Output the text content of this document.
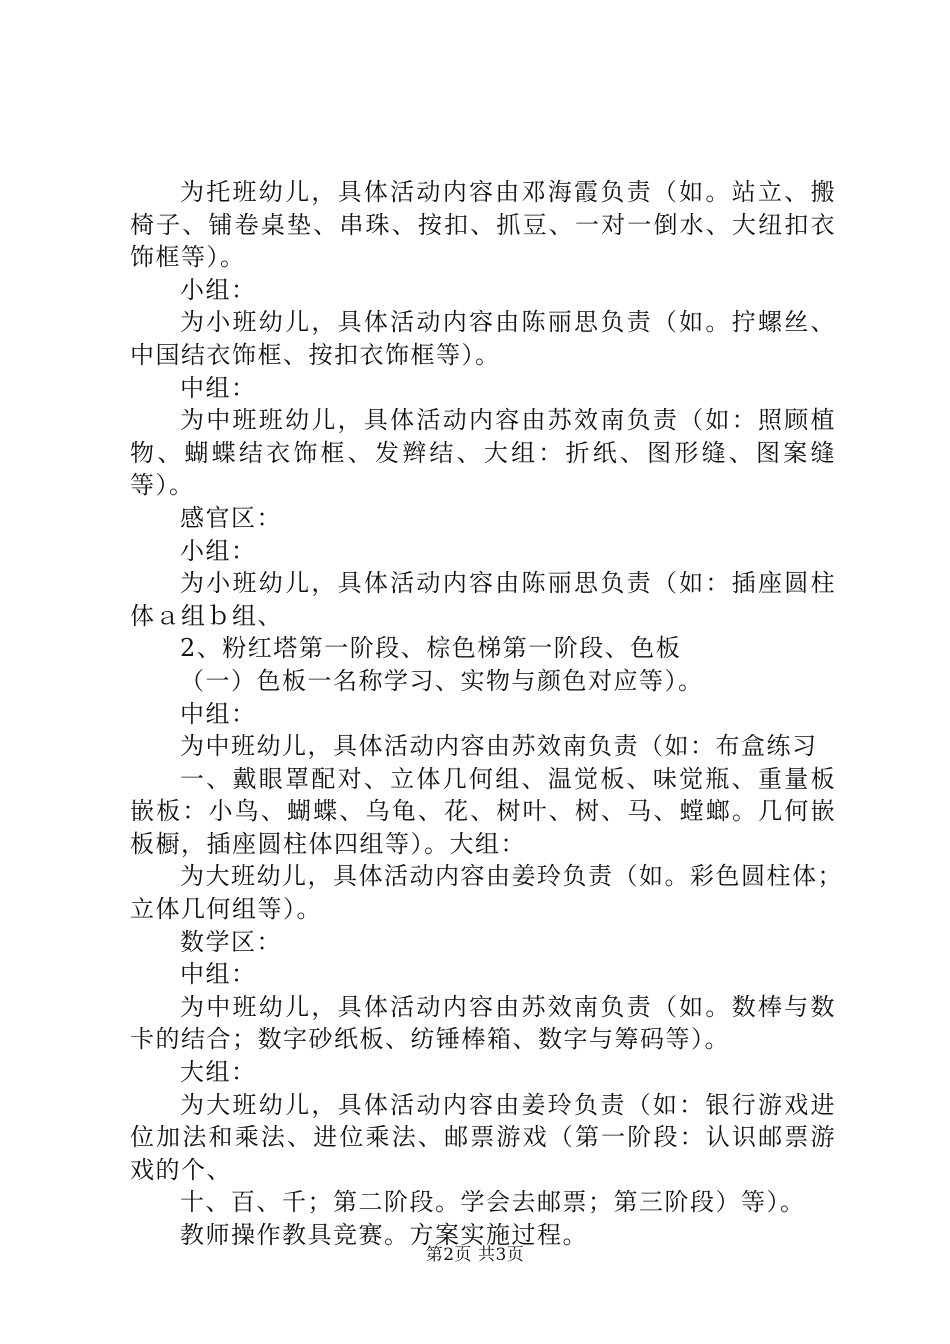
为托班幼儿，具体活动内容由邓海霞负责（如。站立、搬
椅子、铺卷桌垫、串珠、按扣、抓豆、一对一倒水、大纽扣衣
饰框等）。
小组：
为小班幼儿，具体活动内容由陈丽思负责（如。拧螺丝、
中国结衣饰框、按扣衣饰框等）。
中组：
为中班班幼儿，具体活动内容由苏效南负责（如：照顾植
物、蝴蝶结衣饰框、发辫结、大组：折纸、图形缝、图案缝
等）。
感官区：
小组：
为小班幼儿，具体活动内容由陈丽思负责（如：插座圆柱
体ａ组ｂ组、
2、粉红塔第一阶段、棕色梯第一阶段、色板
（一）色板一名称学习、实物与颜色对应等）。
中组：
为中班幼儿，具体活动内容由苏效南负责（如：布盒练习
一、戴眼罩配对、立体几何组、温觉板、味觉瓶、重量板
嵌板：小鸟、蝴蝶、乌龟、花、树叶、树、马、螳螂。几何嵌
板橱，插座圆柱体四组等）。大组：
为大班幼儿，具体活动内容由姜玲负责（如。彩色圆柱体；
立体几何组等）。
数学区：
中组：
为中班幼儿，具体活动内容由苏效南负责（如。数棒与数
卡的结合；数字砂纸板、纺锤棒箱、数字与筹码等）。
大组：
为大班幼儿，具体活动内容由姜玲负责（如：银行游戏进
位加法和乘法、进位乘法、邮票游戏（第一阶段：认识邮票游
戏的个、
十、百、千；第二阶段。学会去邮票；第三阶段）等）。
教师操作教具竞赛。方案实施过程。
第2页 共3页
